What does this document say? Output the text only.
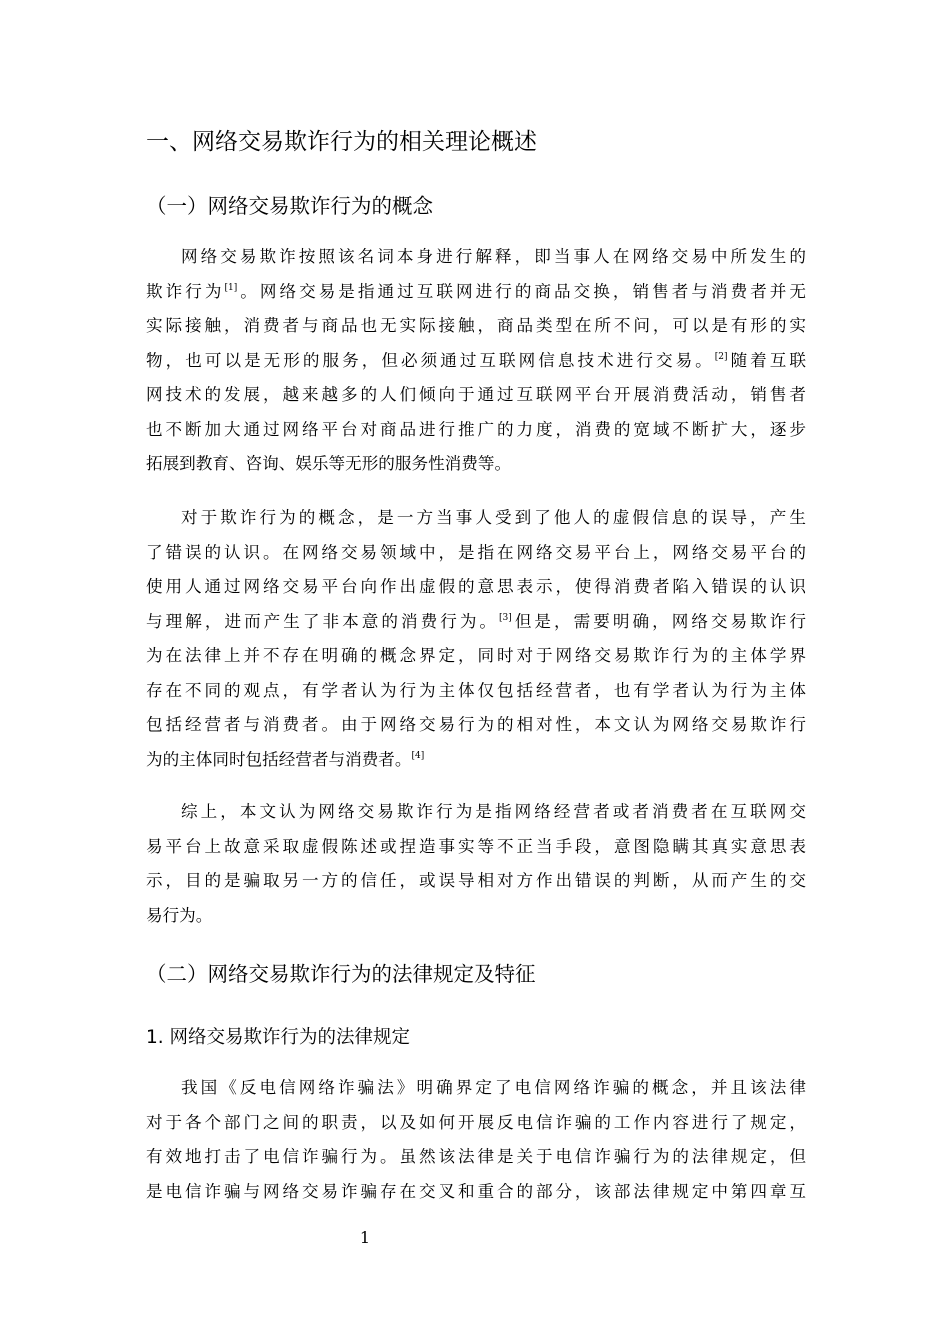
一、网络交易欺诈行为的相关理论概述
（一）网络交易欺诈行为的概念
网络交易欺诈按照该名词本身进行解释，即当事人在网络交易中所发生的
欺诈行为[1]。网络交易是指通过互联网进行的商品交换，销售者与消费者并无
实际接触，消费者与商品也无实际接触，商品类型在所不问，可以是有形的实
物，也可以是无形的服务，但必须通过互联网信息技术进行交易。[2]随着互联
网技术的发展，越来越多的人们倾向于通过互联网平台开展消费活动，销售者
也不断加大通过网络平台对商品进行推广的力度，消费的宽域不断扩大，逐步
拓展到教育、咨询、娱乐等无形的服务性消费等。
对于欺诈行为的概念，是一方当事人受到了他人的虚假信息的误导，产生
了错误的认识。在网络交易领域中，是指在网络交易平台上，网络交易平台的
使用人通过网络交易平台向作出虚假的意思表示，使得消费者陷入错误的认识
与理解，进而产生了非本意的消费行为。[3]但是，需要明确，网络交易欺诈行
为在法律上并不存在明确的概念界定，同时对于网络交易欺诈行为的主体学界
存在不同的观点，有学者认为行为主体仅包括经营者，也有学者认为行为主体
包括经营者与消费者。由于网络交易行为的相对性，本文认为网络交易欺诈行
为的主体同时包括经营者与消费者。[4]
综上，本文认为网络交易欺诈行为是指网络经营者或者消费者在互联网交
易平台上故意采取虚假陈述或捏造事实等不正当手段，意图隐瞒其真实意思表
示，目的是骗取另一方的信任，或误导相对方作出错误的判断，从而产生的交
易行为。
（二）网络交易欺诈行为的法律规定及特征
1. 网络交易欺诈行为的法律规定
我国《反电信网络诈骗法》明确界定了电信网络诈骗的概念，并且该法律
对于各个部门之间的职责，以及如何开展反电信诈骗的工作内容进行了规定，
有效地打击了电信诈骗行为。虽然该法律是关于电信诈骗行为的法律规定，但
是电信诈骗与网络交易诈骗存在交叉和重合的部分，该部法律规定中第四章互
1
